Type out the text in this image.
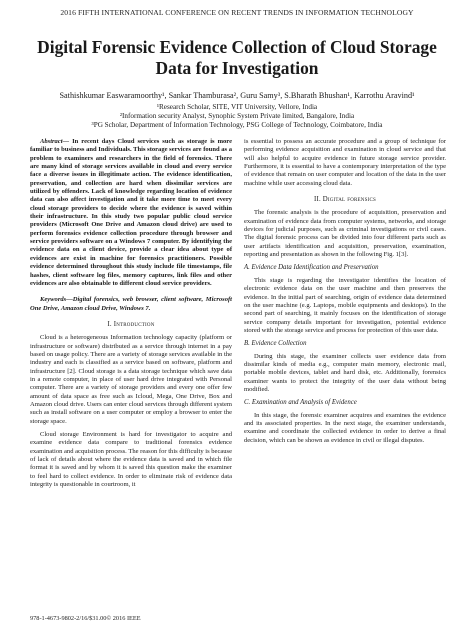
2016 FIFTH INTERNATIONAL CONFERENCE ON RECENT TRENDS IN INFORMATION TECHNOLOGY
Digital Forensic Evidence Collection of Cloud Storage Data for Investigation
Sathishkumar Easwaramoorthy¹, Sankar Thamburasa², Guru Samy³, S.Bharath Bhushan¹, Karrothu Aravind¹
¹Research Scholar, SITE, VIT University, Vellore, India
²Information security Analyst, Synophic System Private limited, Bangalore, India
³PG Scholar, Department of Information Technology, PSG College of Technology, Coimbatore, India

Abstract— In recent days Cloud services such as storage is more familiar to business and Individuals. This storage services are found as a problem to examiners and researchers in the field of forensics. There are many kind of storage services available in cloud and every service face a diverse issues in illegitimate action. The evidence identification, preservation, and collection are hard when dissimilar services are utilized by offenders. Lack of knowledge regarding location of evidence data can also affect investigation and it take more time to meet every cloud storage providers to decide where the evidence is saved within their infrastructure. In this study two popular public cloud service providers (Microsoft One Drive and Amazon cloud drive) are used to perform forensics evidence collection procedure through browser and service providers software on a Windows 7 computer. By identifying the evidence data on a client device, provide a clear idea about type of evidences are exist in machine for forensics practitioners. Possible evidence determined throughout this study include file timestamps, file hashes, client software log files, memory captures, link files and other evidences are also obtainable to different cloud service providers.

Keywords—Digital forensics, web browser, client software, Microsoft One Drive, Amazon cloud Drive, Windows 7.

I. Introduction

Cloud is a heterogeneous Information technology capacity (platform or infrastructure or software) distributed as a service through internet in a pay based on usage policy. There are a variety of storage services available in the industry and each is classified as a service based on software, platform and infrastructure [2]. Cloud storage is a data storage technique which save data in a remote computer, in place of user hard drive integrated with Personal computer. There are a variety of storage providers and every one offer few amount of data space as free such as Icloud, Mega, One Drive, Box and Amazon cloud drive. Users can enter cloud services through different system such as install software on a user computer or employ a browser to enter the storage space.

Cloud storage Environment is hard for investigator to acquire and examine evidence data compare to traditional forensics evidence examination and acquisition process. The reason for this difficulty is because of lack of details about where the evidence data is saved and in which file format it is saved and by whom it is saved this question make the examiner to feel hard to collect evidence. In order to eliminate risk of evidence data integrity is questionable in courtroom, it

is essential to possess an accurate procedure and a group of technique for performing evidence acquisition and examination in cloud service and that will also helpful to acquire evidence in future storage service provider. Furthermore, it is essential to have a contemporary interpretation of the type of evidence that remain on user computer and location of the data in the user machine while user accessing cloud data.

II. Digital forensics

The forensic analysis is the procedure of acquisition, preservation and examination of evidence data from computer systems, networks, and storage devices for judicial purposes, such as criminal investigations or civil cases. The digital forensic process can be divided into four different parts such as user artifacts identification and acquisition, preservation, examination, reporting and presentation as shown in the following Fig. 1[3].

A. Evidence Data Identification and Preservation

This stage is regarding the investigator identifies the location of electronic evidence data on the user machine and then preserves the evidence. In the initial part of searching, origin of evidence data determined on the user machine (e.g. Laptops, mobile equipments and desktops). In the second part of searching, it mainly focuses on the identification of storage service company details important for investigation, potential evidence stored with the storage service and process for protection of this user data.

B. Evidence Collection

During this stage, the examiner collects user evidence data from dissimilar kinds of media e.g., computer main memory, electronic mail, portable mobile devices, tablet and hard disk, etc. Additionally, forensics examiner wants to protect the integrity of the user data without being modified.

C. Examination and Analysis of Evidence

In this stage, the forensic examiner acquires and examines the evidence and its associated properties. In the next stage, the examiner understands, examine and coordinate the collected evidence in order to derive a final decision, which can be shown as evidence in civil or illegal disputes.

978-1-4673-9802-2/16/$31.00© 2016 IEEE
